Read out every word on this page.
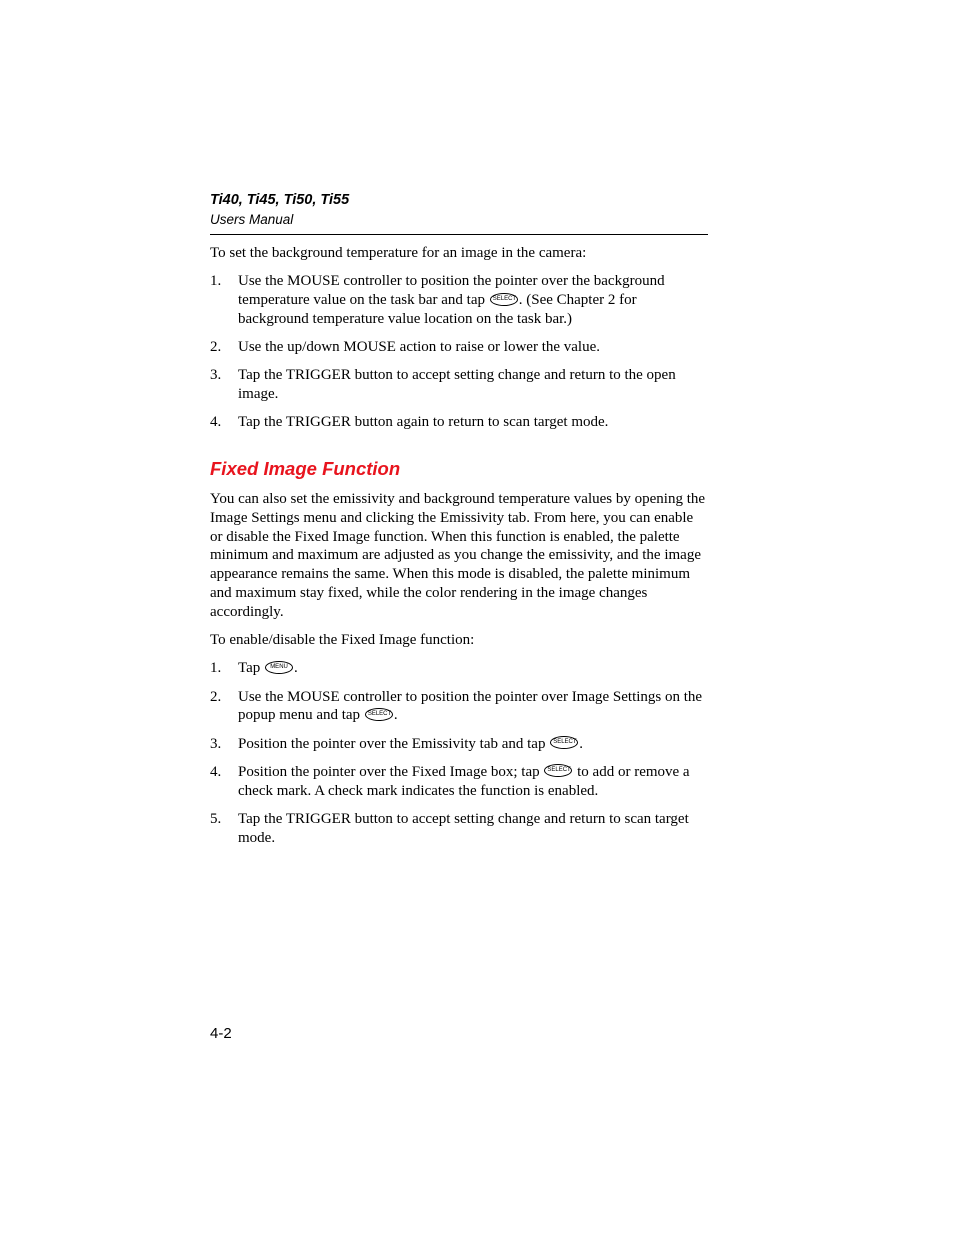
Ti40, Ti45, Ti50, Ti55
Users Manual

To set the background temperature for an image in the camera:

1. Use the MOUSE controller to position the pointer over the background temperature value on the task bar and tap SELECT . (See Chapter 2 for background temperature value location on the task bar.)
2. Use the up/down MOUSE action to raise or lower the value.
3. Tap the TRIGGER button to accept setting change and return to the open image.
4. Tap the TRIGGER button again to return to scan target mode.
Fixed Image Function

You can also set the emissivity and background temperature values by opening the Image Settings menu and clicking the Emissivity tab. From here, you can enable or disable the Fixed Image function. When this function is enabled, the palette minimum and maximum are adjusted as you change the emissivity, and the image appearance remains the same. When this mode is disabled, the palette minimum and maximum stay fixed, while the color rendering in the image changes accordingly.

To enable/disable the Fixed Image function:

1. Tap MENU .
2. Use the MOUSE controller to position the pointer over Image Settings on the popup menu and tap SELECT .
3. Position the pointer over the Emissivity tab and tap SELECT .
4. Position the pointer over the Fixed Image box; tap SELECT to add or remove a check mark. A check mark indicates the function is enabled.
5. Tap the TRIGGER button to accept setting change and return to scan target mode.
4-2
